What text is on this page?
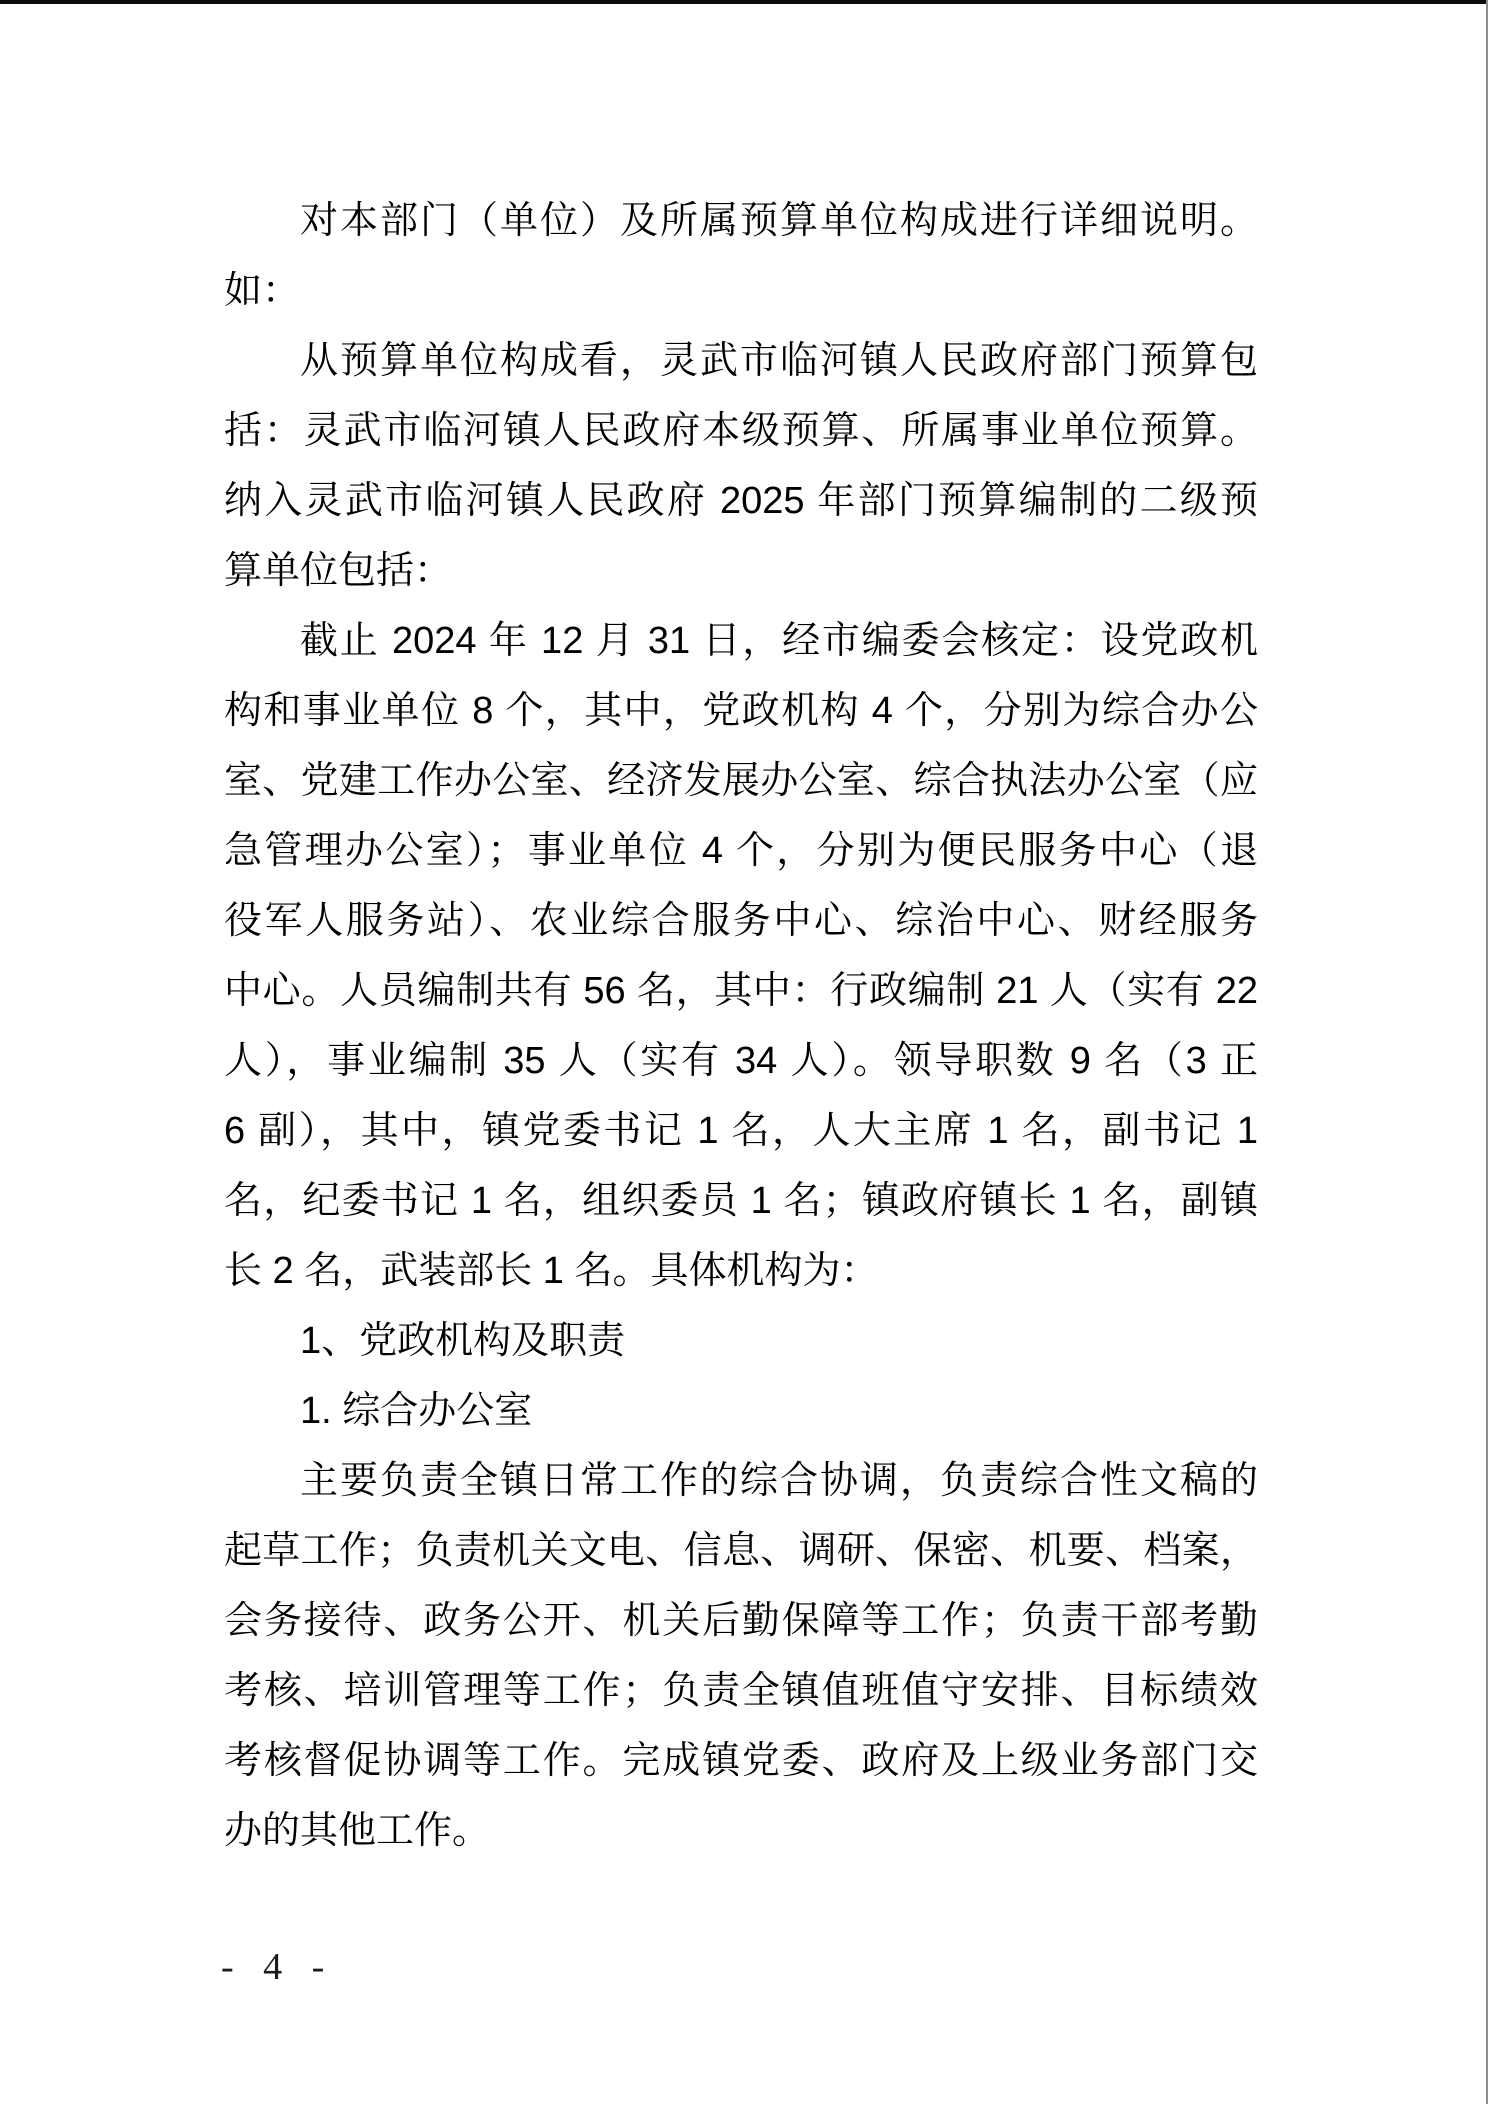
对本部门（单位）及所属预算单位构成进行详细说明。
如：
从预算单位构成看，灵武市临河镇人民政府部门预算包
括：灵武市临河镇人民政府本级预算、所属事业单位预算。
纳入灵武市临河镇人民政府 2025 年部门预算编制的二级预
算单位包括：
截止 2024 年 12 月 31 日，经市编委会核定：设党政机
构和事业单位 8 个，其中，党政机构 4 个，分别为综合办公
室、党建工作办公室、经济发展办公室、综合执法办公室（应
急管理办公室）；事业单位 4 个，分别为便民服务中心（退
役军人服务站）、农业综合服务中心、综治中心、财经服务
中心。人员编制共有 56 名，其中：行政编制 21 人（实有 22
人），事业编制 35 人（实有 34 人）。领导职数 9 名（3 正
6 副），其中，镇党委书记 1 名，人大主席 1 名，副书记 1
名，纪委书记 1 名，组织委员 1 名；镇政府镇长 1 名，副镇
长 2 名，武装部长 1 名。具体机构为：
1、党政机构及职责
1. 综合办公室
主要负责全镇日常工作的综合协调，负责综合性文稿的
起草工作；负责机关文电、信息、调研、保密、机要、档案，
会务接待、政务公开、机关后勤保障等工作；负责干部考勤
考核、培训管理等工作；负责全镇值班值守安排、目标绩效
考核督促协调等工作。完成镇党委、政府及上级业务部门交
办的其他工作。
- 4 -
